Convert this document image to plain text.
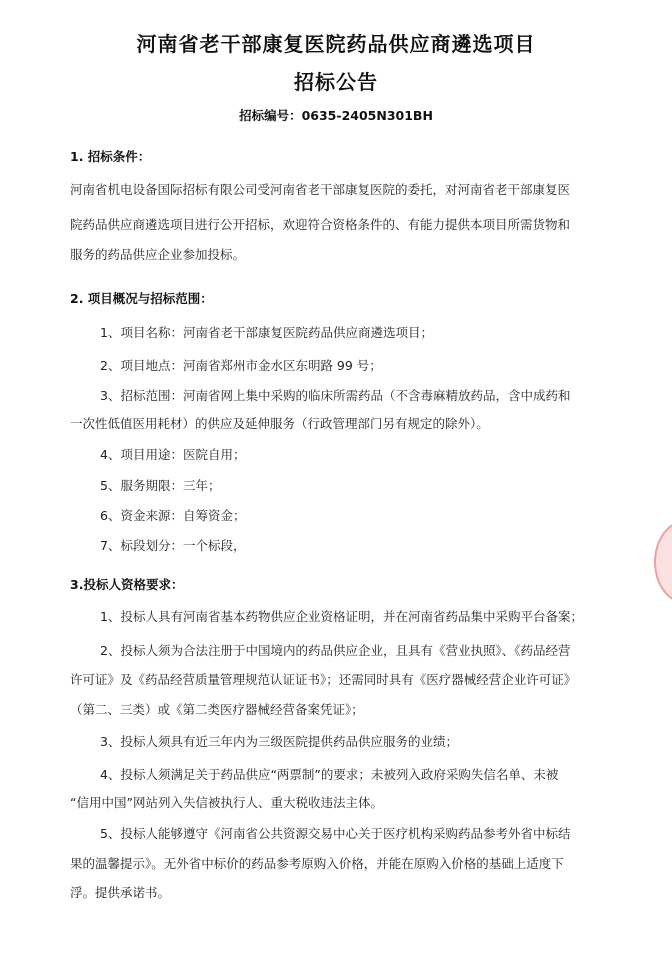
河南省老干部康复医院药品供应商遴选项目
招标公告
招标编号：0635-2405N301BH
1. 招标条件：
河南省机电设备国际招标有限公司受河南省老干部康复医院的委托，对河南省老干部康复医
院药品供应商遴选项目进行公开招标，欢迎符合资格条件的、有能力提供本项目所需货物和
服务的药品供应企业参加投标。
2. 项目概况与招标范围：
1、项目名称：河南省老干部康复医院药品供应商遴选项目；
2、项目地点：河南省郑州市金水区东明路 99 号；
3、招标范围：河南省网上集中采购的临床所需药品（不含毒麻精放药品，含中成药和
一次性低值医用耗材）的供应及延伸服务（行政管理部门另有规定的除外）。
4、项目用途：医院自用；
5、服务期限：三年；
6、资金来源：自筹资金；
7、标段划分：一个标段，
3.投标人资格要求：
1、投标人具有河南省基本药物供应企业资格证明，并在河南省药品集中采购平台备案；
2、投标人须为合法注册于中国境内的药品供应企业，且具有《营业执照》、《药品经营
许可证》及《药品经营质量管理规范认证证书》；还需同时具有《医疗器械经营企业许可证》
（第二、三类）或《第二类医疗器械经营备案凭证》；
3、投标人须具有近三年内为三级医院提供药品供应服务的业绩；
4、投标人须满足关于药品供应“两票制”的要求；未被列入政府采购失信名单、未被
“信用中国”网站列入失信被执行人、重大税收违法主体。
5、投标人能够遵守《河南省公共资源交易中心关于医疗机构采购药品参考外省中标结
果的温馨提示》。无外省中标价的药品参考原购入价格，并能在原购入价格的基础上适度下
浮。提供承诺书。
